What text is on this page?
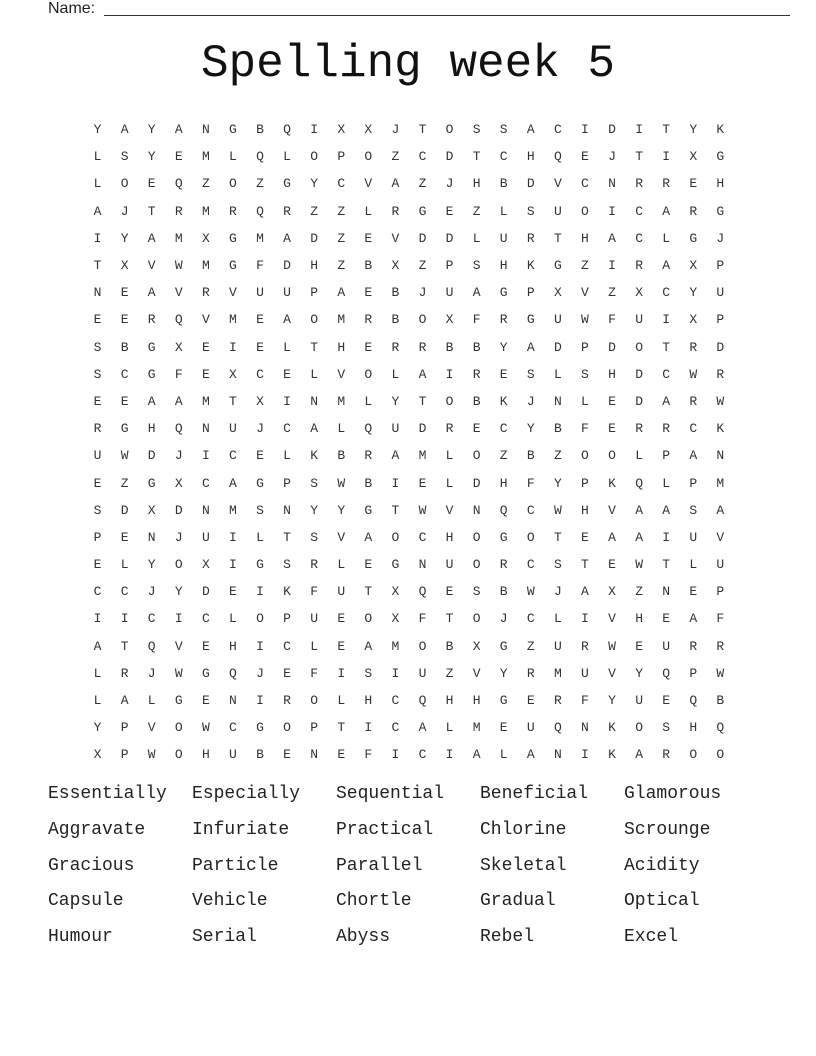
Name:
Spelling week 5
Y	A	Y	A	N	G	B	Q	I	X	X	J	T	O	S	S	A	C	I	D	I	T	Y	K
L	S	Y	E	M	L	Q	L	O	P	O	Z	C	D	T	C	H	Q	E	J	T	I	X	G
L	O	E	Q	Z	O	Z	G	Y	C	V	A	Z	J	H	B	D	V	C	N	R	R	E	H
A	J	T	R	M	R	Q	R	Z	Z	L	R	G	E	Z	L	S	U	O	I	C	A	R	G
I	Y	A	M	X	G	M	A	D	Z	E	V	D	D	L	U	R	T	H	A	C	L	G	J
T	X	V	W	M	G	F	D	H	Z	B	X	Z	P	S	H	K	G	Z	I	R	A	X	P
N	E	A	V	R	V	U	U	P	A	E	B	J	U	A	G	P	X	V	Z	X	C	Y	U
E	E	R	Q	V	M	E	A	O	M	R	B	O	X	F	R	G	U	W	F	U	I	X	P
S	B	G	X	E	I	E	L	T	H	E	R	R	B	B	Y	A	D	P	D	O	T	R	D
S	C	G	F	E	X	C	E	L	V	O	L	A	I	R	E	S	L	S	H	D	C	W	R
E	E	A	A	M	T	X	I	N	M	L	Y	T	O	B	K	J	N	L	E	D	A	R	W
R	G	H	Q	N	U	J	C	A	L	Q	U	D	R	E	C	Y	B	F	E	R	R	C	K
U	W	D	J	I	C	E	L	K	B	R	A	M	L	O	Z	B	Z	O	O	L	P	A	N
E	Z	G	X	C	A	G	P	S	W	B	I	E	L	D	H	F	Y	P	K	Q	L	P	M
S	D	X	D	N	M	S	N	Y	Y	G	T	W	V	N	Q	C	W	H	V	A	A	S	A
P	E	N	J	U	I	L	T	S	V	A	O	C	H	O	G	O	T	E	A	A	I	U	V
E	L	Y	O	X	I	G	S	R	L	E	G	N	U	O	R	C	S	T	E	W	T	L	U
C	C	J	Y	D	E	I	K	F	U	T	X	Q	E	S	B	W	J	A	X	Z	N	E	P
I	I	C	I	C	L	O	P	U	E	O	X	F	T	O	J	C	L	I	V	H	E	A	F
A	T	Q	V	E	H	I	C	L	E	A	M	O	B	X	G	Z	U	R	W	E	U	R	R
L	R	J	W	G	Q	J	E	F	I	S	I	U	Z	V	Y	R	M	U	V	Y	Q	P	W
L	A	L	G	E	N	I	R	O	L	H	C	Q	H	H	G	E	R	F	Y	U	E	Q	B
Y	P	V	O	W	C	G	O	P	T	I	C	A	L	M	E	U	Q	N	K	O	S	H	Q
X	P	W	O	H	U	B	E	N	E	F	I	C	I	A	L	A	N	I	K	A	R	O	O
Essentially	Especially	Sequential	Beneficial	Glamorous
Aggravate	Infuriate	Practical	Chlorine	Scrounge
Gracious	Particle	Parallel	Skeletal	Acidity
Capsule	Vehicle	Chortle	Gradual	Optical
Humour	Serial	Abyss	Rebel	Excel
